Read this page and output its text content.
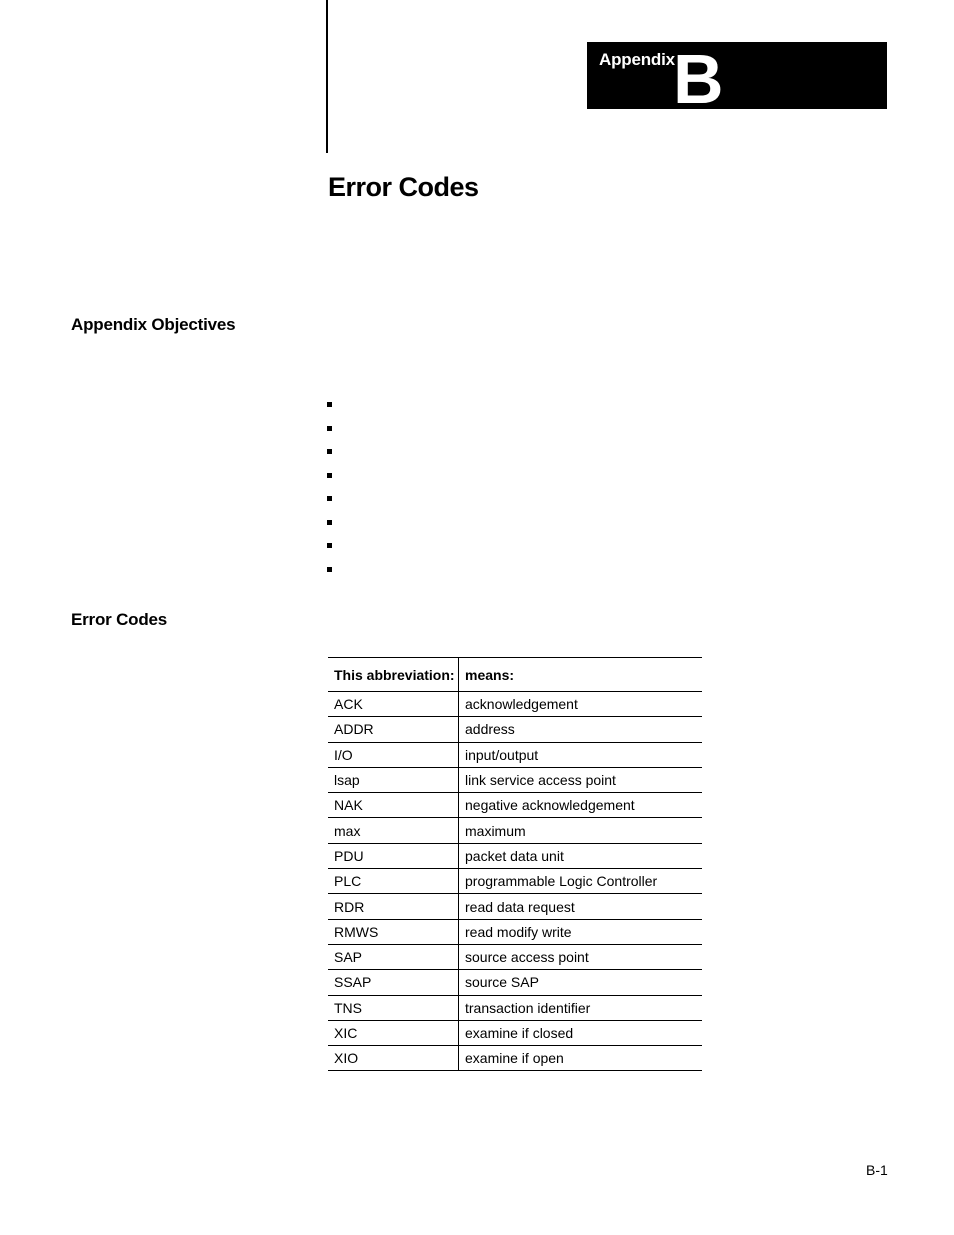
Appendix
B
Error Codes
Appendix Objectives
Error Codes
This abbreviation:	means:
ACK	acknowledgement
ADDR	address
I/O	input/output
lsap	link service access point
NAK	negative acknowledgement
max	maximum
PDU	packet data unit
PLC	programmable Logic Controller
RDR	read data request
RMWS	read modify write
SAP	source access point
SSAP	source SAP
TNS	transaction identifier
XIC	examine if closed
XIO	examine if open
B-1
